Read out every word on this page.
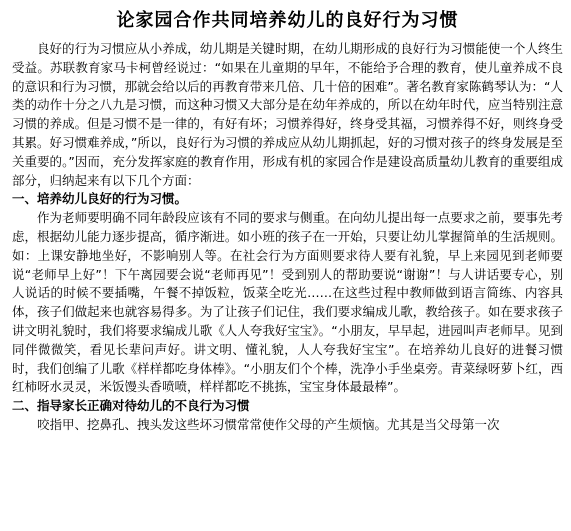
论家园合作共同培养幼儿的良好行为习惯

良好的行为习惯应从小养成，幼儿期是关键时期，在幼儿期形成的良好行为习惯能使一个人终生受益。苏联教育家马卡柯曾经说过：“如果在儿童期的早年，不能给予合理的教育，使儿童养成不良的意识和行为习惯，那就会给以后的再教育带来几倍、几十倍的困难”。著名教育家陈鹤琴认为：“人类的动作十分之八九是习惯，而这种习惯又大部分是在幼年养成的，所以在幼年时代，应当特别注意习惯的养成。但是习惯不是一律的，有好有坏；习惯养得好，终身受其福，习惯养得不好，则终身受其累。好习惯难养成，”所以，良好行为习惯的养成应从幼儿期抓起，好的习惯对孩子的终身发展是至关重要的。”因而，充分发挥家庭的教育作用，形成有机的家园合作是建设高质量幼儿教育的重要组成部分，归纳起来有以下几个方面：

一、培养幼儿良好的行为习惯。

作为老师要明确不同年龄段应该有不同的要求与侧重。在向幼儿提出每一点要求之前，要事先考虑，根据幼儿能力逐步提高，循序渐进。如小班的孩子在一开始，只要让幼儿掌握简单的生活规则。如：上课安静地坐好，不影响别人等。在社会行为方面则要求待人要有礼貌，早上来园见到老师要说“老师早上好”！下午离园要会说“老师再见”！受到别人的帮助要说“谢谢”！与人讲话要专心，别人说话的时候不要插嘴，午餐不掉饭粒，饭菜全吃光……在这些过程中教师做到语言简练、内容具体，孩子们做起来也就容易得多。为了让孩子们记住，我们要求编成儿歌，教给孩子。如在要求孩子讲文明礼貌时，我们将要求编成儿歌《人人夸我好宝宝》。“小朋友，早早起，进园叫声老师早。见到同伴微微笑，看见长辈问声好。讲文明、懂礼貌，人人夸我好宝宝”。在培养幼儿良好的进餐习惯时，我们创编了儿歌《样样都吃身体棒》。“小朋友们个个棒，洗净小手坐桌旁。青菜绿呀萝卜红，西红柿呀水灵灵，米饭馒头香喷喷，样样都吃不挑拣，宝宝身体最最棒”。

二、指导家长正确对待幼儿的不良行为习惯

咬指甲、挖鼻孔、拽头发这些坏习惯常常使作父母的产生烦恼。尤其是当父母第一次
